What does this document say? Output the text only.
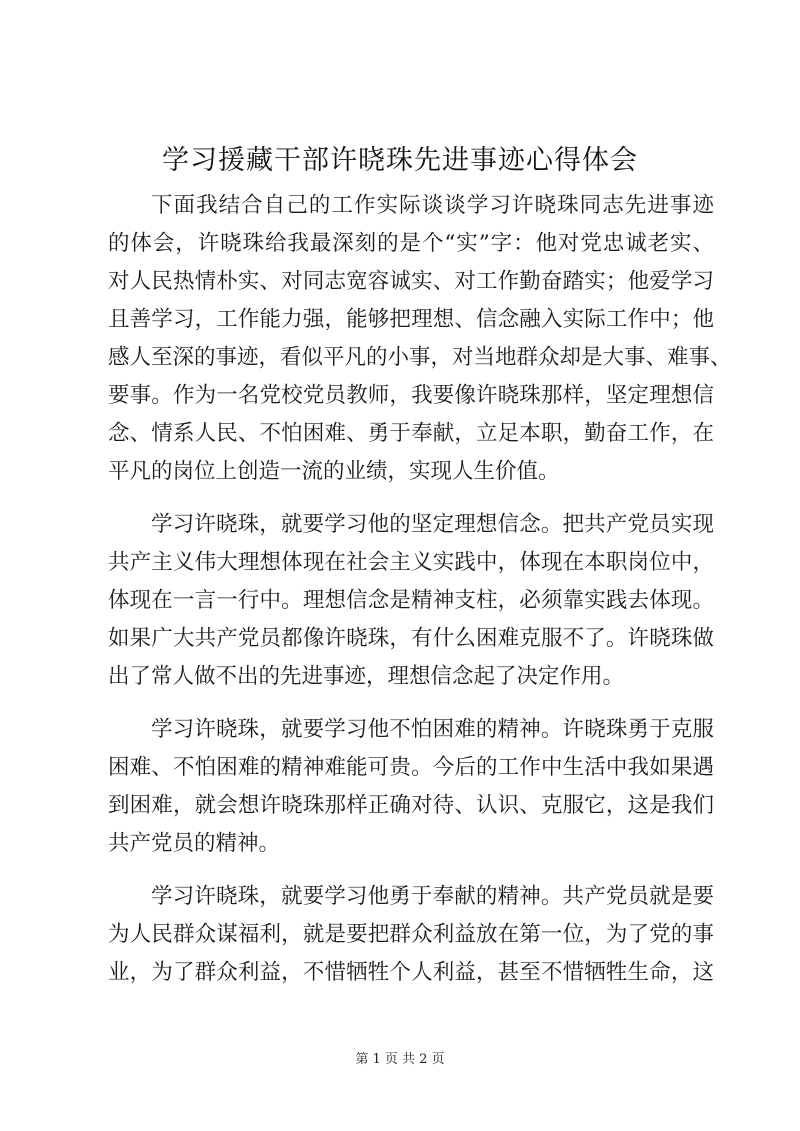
学习援藏干部许晓珠先进事迹心得体会
下面我结合自己的工作实际谈谈学习许晓珠同志先进事迹
的体会，许晓珠给我最深刻的是个“实”字：他对党忠诚老实、
对人民热情朴实、对同志宽容诚实、对工作勤奋踏实；他爱学习
且善学习，工作能力强，能够把理想、信念融入实际工作中；他
感人至深的事迹，看似平凡的小事，对当地群众却是大事、难事、
要事。作为一名党校党员教师，我要像许晓珠那样，坚定理想信
念、情系人民、不怕困难、勇于奉献，立足本职，勤奋工作，在
平凡的岗位上创造一流的业绩，实现人生价值。
学习许晓珠，就要学习他的坚定理想信念。把共产党员实现
共产主义伟大理想体现在社会主义实践中，体现在本职岗位中，
体现在一言一行中。理想信念是精神支柱，必须靠实践去体现。
如果广大共产党员都像许晓珠，有什么困难克服不了。许晓珠做
出了常人做不出的先进事迹，理想信念起了决定作用。
学习许晓珠，就要学习他不怕困难的精神。许晓珠勇于克服
困难、不怕困难的精神难能可贵。今后的工作中生活中我如果遇
到困难，就会想许晓珠那样正确对待、认识、克服它，这是我们
共产党员的精神。
学习许晓珠，就要学习他勇于奉献的精神。共产党员就是要
为人民群众谋福利，就是要把群众利益放在第一位，为了党的事
业，为了群众利益，不惜牺牲个人利益，甚至不惜牺牲生命，这
第 1 页 共 2 页
